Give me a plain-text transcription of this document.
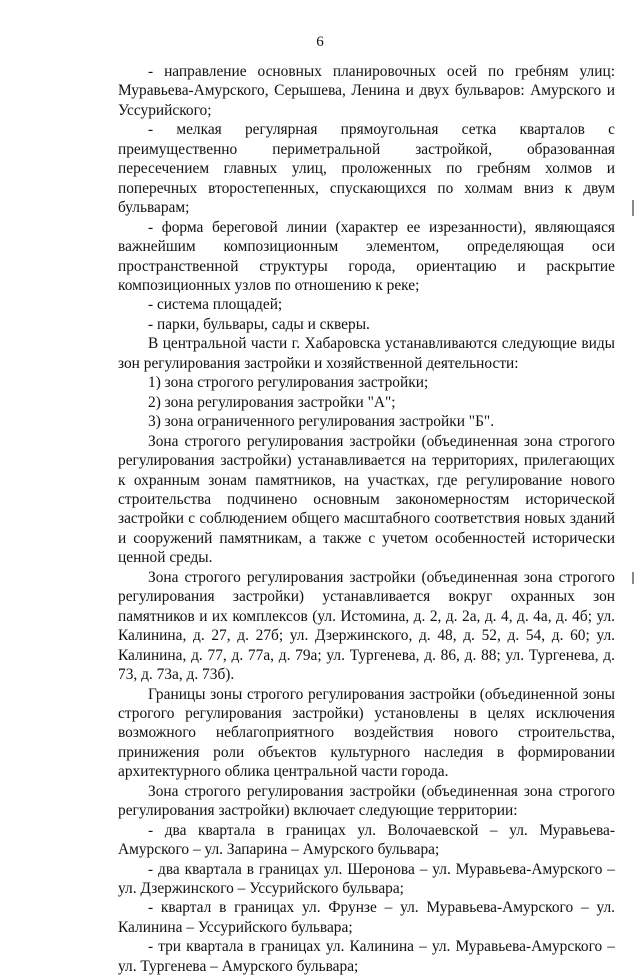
6

- направление основных планировочных осей по гребням улиц: Муравьева-Амурского, Серышева, Ленина и двух бульваров: Амурского и Уссурийского;

- мелкая регулярная прямоугольная сетка кварталов с преимущественно периметральной застройкой, образованная пересечением главных улиц, проложенных по гребням холмов и поперечных второстепенных, спускающихся по холмам вниз к двум бульварам;

- форма береговой линии (характер ее изрезанности), являющаяся важнейшим композиционным элементом, определяющая оси пространственной структуры города, ориентацию и раскрытие композиционных узлов по отношению к реке;

- система площадей;

- парки, бульвары, сады и скверы.

В центральной части г. Хабаровска устанавливаются следующие виды зон регулирования застройки и хозяйственной деятельности:

1) зона строгого регулирования застройки;

2) зона регулирования застройки "А";

3) зона ограниченного регулирования застройки "Б".

Зона строгого регулирования застройки (объединенная зона строгого регулирования застройки) устанавливается на территориях, прилегающих к охранным зонам памятников, на участках, где регулирование нового строительства подчинено основным закономерностям исторической застройки с соблюдением общего масштабного соответствия новых зданий и сооружений памятникам, а также с учетом особенностей исторически ценной среды.

Зона строгого регулирования застройки (объединенная зона строгого регулирования застройки) устанавливается вокруг охранных зон памятников и их комплексов (ул. Истомина, д. 2, д. 2а, д. 4, д. 4а, д. 4б; ул. Калинина, д. 27, д. 27б; ул. Дзержинского, д. 48, д. 52, д. 54, д. 60; ул. Калинина, д. 77, д. 77а, д. 79а; ул. Тургенева, д. 86, д. 88; ул. Тургенева, д. 73, д. 73а, д. 73б).

Границы зоны строгого регулирования застройки (объединенной зоны строгого регулирования застройки) установлены в целях исключения возможного неблагоприятного воздействия нового строительства, принижения роли объектов культурного наследия в формировании архитектурного облика центральной части города.

Зона строгого регулирования застройки (объединенная зона строгого регулирования застройки) включает следующие территории:

- два квартала в границах ул. Волочаевской – ул. Муравьева-Амурского – ул. Запарина – Амурского бульвара;

- два квартала в границах ул. Шеронова – ул. Муравьева-Амурского – ул. Дзержинского – Уссурийского бульвара;

- квартал в границах ул. Фрунзе – ул. Муравьева-Амурского – ул. Калинина – Уссурийского бульвара;

- три квартала в границах ул. Калинина – ул. Муравьева-Амурского – ул. Тургенева – Амурского бульвара;
